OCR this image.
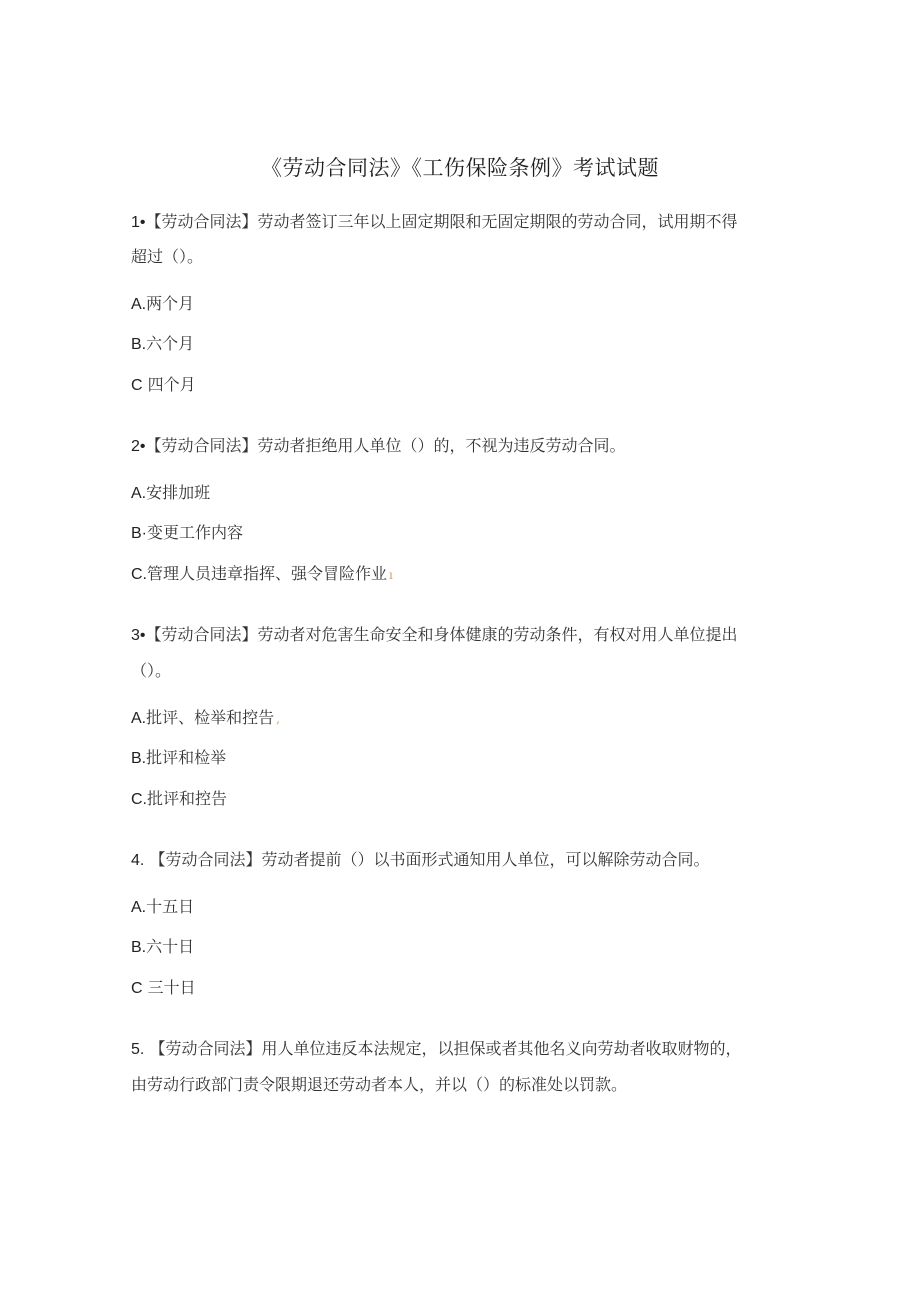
《劳动合同法》《工伤保险条例》考试试题
1•【劳动合同法】劳动者签订三年以上固定期限和无固定期限的劳动合同，试用期不得
超过（）。
A.两个月
B.六个月
C 四个月
2•【劳动合同法】劳动者拒绝用人单位（）的，不视为违反劳动合同。
A.安排加班
B·变更工作内容
C.管理人员违章指挥、强令冒险作业 ı
3•【劳动合同法】劳动者对危害生命安全和身体健康的劳动条件，有权对用人单位提出
（）。
A.批评、检举和控告 ,
B.批评和检举
C.批评和控告
4. 【劳动合同法】劳动者提前（）以书面形式通知用人单位，可以解除劳动合同。
A.十五日
B.六十日
C 三十日
5. 【劳动合同法】用人单位违反本法规定，以担保或者其他名义向劳劫者收取财物的，
由劳动行政部门责令限期退还劳动者本人，并以（）的标准处以罚款。
